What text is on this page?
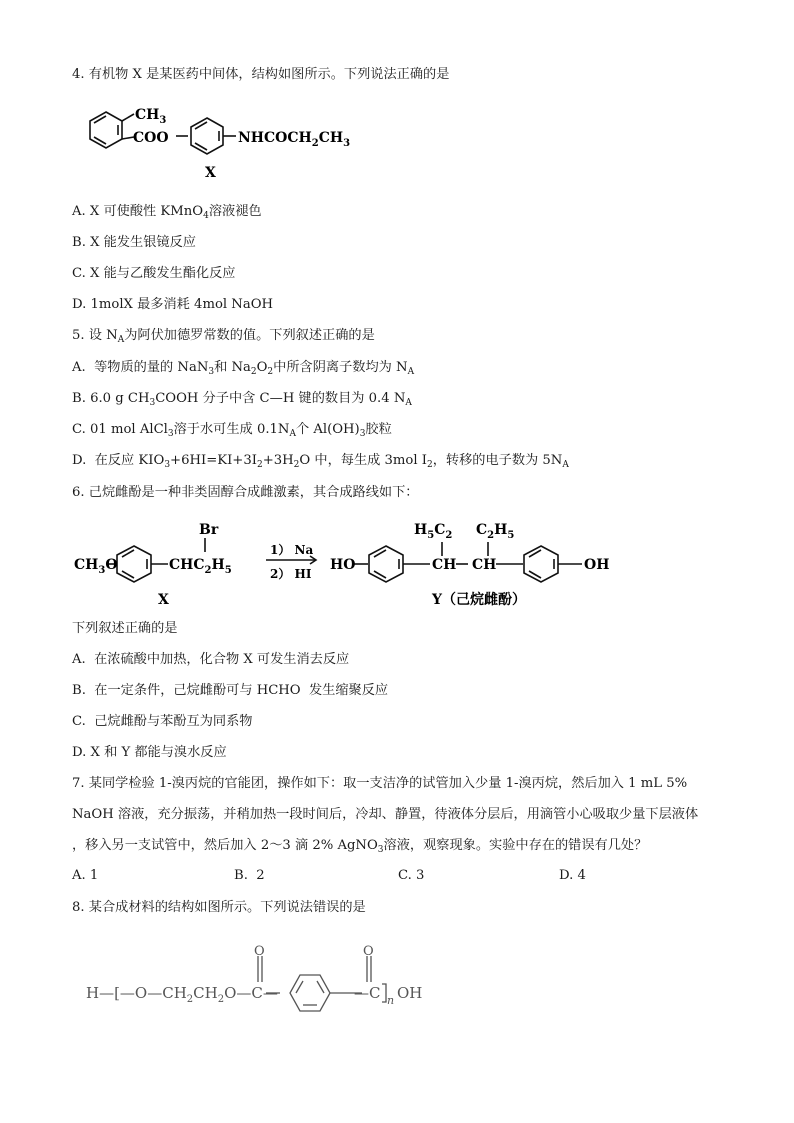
4. 有机物 X 是某医药中间体，结构如图所示。下列说法正确的是
$CH_3$
COO	$NHCOCH_2CH_3$
X
A. X 可使酸性 KMnO$_4$溶液褪色
B. X 能发生银镜反应
C. X 能与乙酸发生酯化反应
D. 1molX 最多消耗 4mol NaOH
5. 设 $N_A$为阿伏加德罗常数的值。下列叙述正确的是
A.  等物质的量的 NaN$_3$和 $Na_2O_2$中所含阴离子数均为 $N_A$
B. 6.0 g $CH_3COOH$ 分子中含 C—H 键的数目为 0.4 $N_A$
C. 01 mol AlCl$_3$溶于水可生成 $0.1N_A$个 $Al(OH)_3$胶粒
D.  在反应 $KIO_3+6HI=KI+3I_2+3H_2O$ 中，每生成 3mol $I_2$，转移的电子数为 $5N_A$
6. 己烷雌酚是一种非类固醇合成雌激素，其合成路线如下：
$CH_3O$
Br
$CHC_2H_5$
X
1） Na
2） HI
HO
$H_5C_2$ $C_2H_5$
CH CH	OH
Y（己烷雌酚）
下列叙述正确的是
A.  在浓硫酸中加热，化合物 X 可发生消去反应
B.  在一定条件，己烷雌酚可与 HCHO  发生缩聚反应
C.  己烷雌酚与苯酚互为同系物
D. X 和 Y 都能与溴水反应
7. 某同学检验 1-溴丙烷的官能团，操作如下：取一支洁净的试管加入少量 1-溴丙烷，然后加入 1 mL 5%
NaOH 溶液，充分振荡，并稍加热一段时间后，冷却、静置，待液体分层后，用滴管小心吸取少量下层液体
，移入另一支试管中，然后加入 2～3 滴 2% AgNO$_3$溶液，观察现象。实验中存在的错误有几处？
A. 1	B.  2	C. 3	D. 4
8. 某合成材料的结构如图所示。下列说法错误的是
O	O
$H—[—O—CH_2CH_2O—C—$	—C n OH
